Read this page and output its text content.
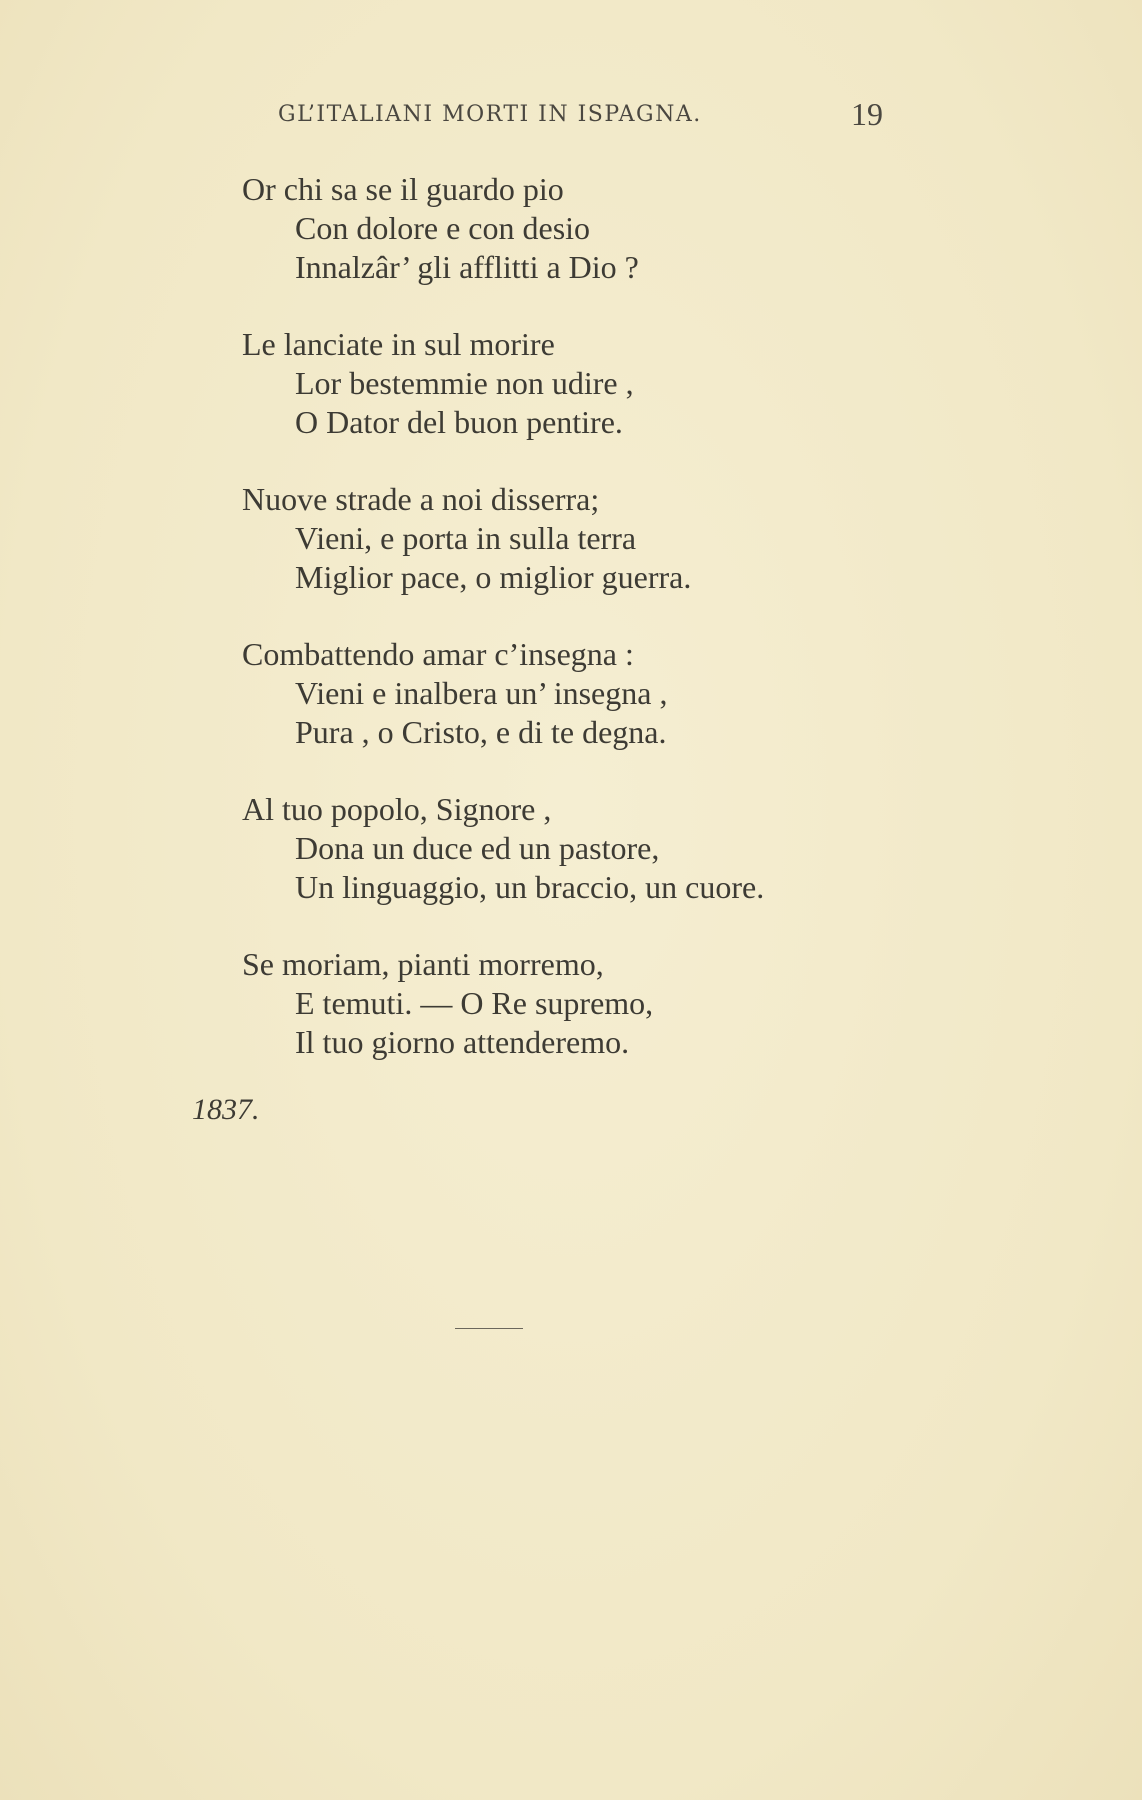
GL’ITALIANI MORTI IN ISPAGNA.	19
Or chi sa se il guardo pio
Con dolore e con desio
Innalzâr’ gli afflitti a Dio ?
Le lanciate in sul morire
Lor bestemmie non udire ,
O Dator del buon pentire.
Nuove strade a noi disserra;
Vieni, e porta in sulla terra
Miglior pace, o miglior guerra.
Combattendo amar c’insegna :
Vieni e inalbera un’ insegna ,
Pura , o Cristo, e di te degna.
Al tuo popolo, Signore ,
Dona un duce ed un pastore,
Un linguaggio, un braccio, un cuore.
Se moriam, pianti morremo,
E temuti. — O Re supremo,
Il tuo giorno attenderemo.
1837.
